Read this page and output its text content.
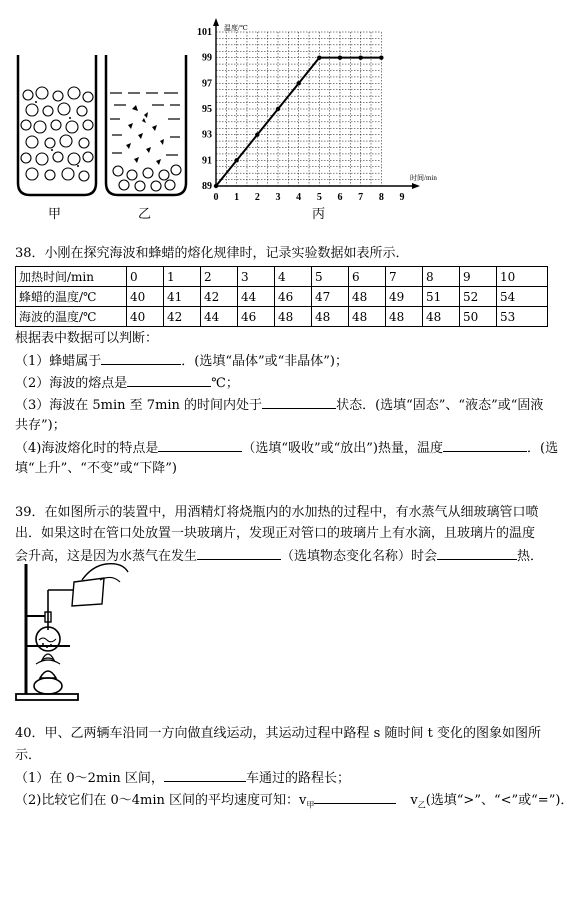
甲	乙
0 1 2 3 4 5 6 7 8 9
89
91
93
95
97
99
101 温度/℃
时间/min
丙
38．小刚在探究海波和蜂蜡的熔化规律时，记录实验数据如表所示．
加热时间/min	0	1	2	3	4	5	6	7	8	9	10
蜂蜡的温度/℃	40	41	42	44	46	47	48	49	51	52	54
海波的温度/℃	40	42	44	46	48	48	48	48	48	50	53
根据表中数据可以判断：
（1）蜂蜡属于	．(选填“晶体”或“非晶体”)；
（2）海波的熔点是	℃；
（3）海波在 5min 至 7min 的时间内处于	状态．(选填“固态”、“液态”或“固液
共存”)；
（4)海波熔化时的特点是	（选填“吸收”或“放出”)热量，温度	．(选
填“上升”、“不变”或“下降”)
39．在如图所示的装置中，用酒精灯将烧瓶内的水加热的过程中，有水蒸气从细玻璃管口喷
出．如果这时在管口处放置一块玻璃片，发现正对管口的玻璃片上有水滴，且玻璃片的温度
会升高，这是因为水蒸气在发生	（选填物态变化名称）时会	热．
40．甲、乙两辆车沿同一方向做直线运动，其运动过程中路程 s 随时间 t 变化的图象如图所
示．
（1）在 0～2min 区间，	车通过的路程长；
（2)比较它们在 0～4min 区间的平均速度可知：$v_甲$	$v_乙$(选填“>”、“<”或“=”)．
